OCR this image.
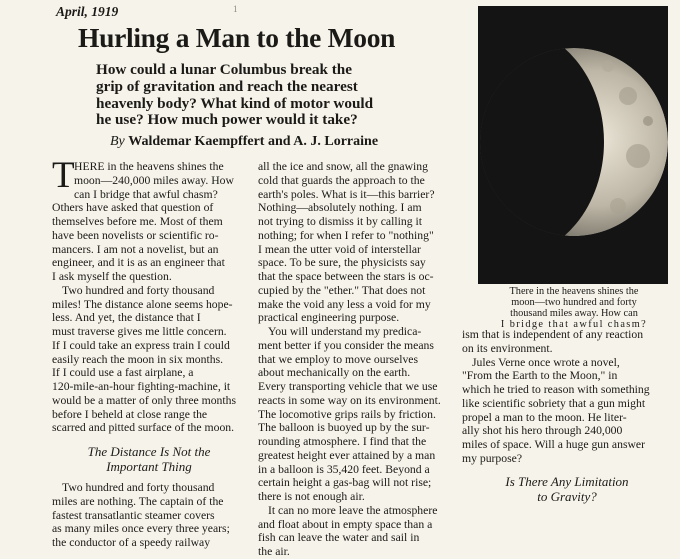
April, 1919	1
Hurling a Man to the Moon
How could a lunar Columbus break the
grip of gravitation and reach the nearest
heavenly body? What kind of motor would
he use? How much power would it take?
By Waldemar Kaempffert and A. J. Lorraine
T HERE in the heavens shines the
moon—240,000 miles away. How
can I bridge that awful chasm?
Others have asked that question of
themselves before me. Most of them
have been novelists or scientific ro-
mancers. I am not a novelist, but an
engineer, and it is as an engineer that
I ask myself the question.
Two hundred and forty thousand
miles! The distance alone seems hope-
less. And yet, the distance that I
must traverse gives me little concern.
If I could take an express train I could
easily reach the moon in six months.
If I could use a fast airplane, a
120-mile-an-hour fighting-machine, it
would be a matter of only three months
before I beheld at close range the
scarred and pitted surface of the moon.
The Distance Is Not the
Important Thing
Two hundred and forty thousand
miles are nothing. The captain of the
fastest transatlantic steamer covers
as many miles once every three years;
the conductor of a speedy railway
all the ice and snow, all the gnawing
cold that guards the approach to the
earth's poles. What is it—this barrier?
Nothing—absolutely nothing. I am
not trying to dismiss it by calling it
nothing; for when I refer to "nothing"
I mean the utter void of interstellar
space. To be sure, the physicists say
that the space between the stars is oc-
cupied by the "ether." That does not
make the void any less a void for my
practical engineering purpose.
You will understand my predica-
ment better if you consider the means
that we employ to move ourselves
about mechanically on the earth.
Every transporting vehicle that we use
reacts in some way on its environment.
The locomotive grips rails by friction.
The balloon is buoyed up by the sur-
rounding atmosphere. I find that the
greatest height ever attained by a man
in a balloon is 35,420 feet. Beyond a
certain height a gas-bag will not rise;
there is not enough air.
It can no more leave the atmosphere
and float about in empty space than a
fish can leave the water and sail in
the air.
There in the heavens shines the
moon—two hundred and forty
thousand miles away. How can
I bridge that awful chasm?
ism that is independent of any reaction
on its environment.
Jules Verne once wrote a novel,
"From the Earth to the Moon," in
which he tried to reason with something
like scientific sobriety that a gun might
propel a man to the moon. He liter-
ally shot his hero through 240,000
miles of space. Will a huge gun answer
my purpose?
Is There Any Limitation
to Gravity?
